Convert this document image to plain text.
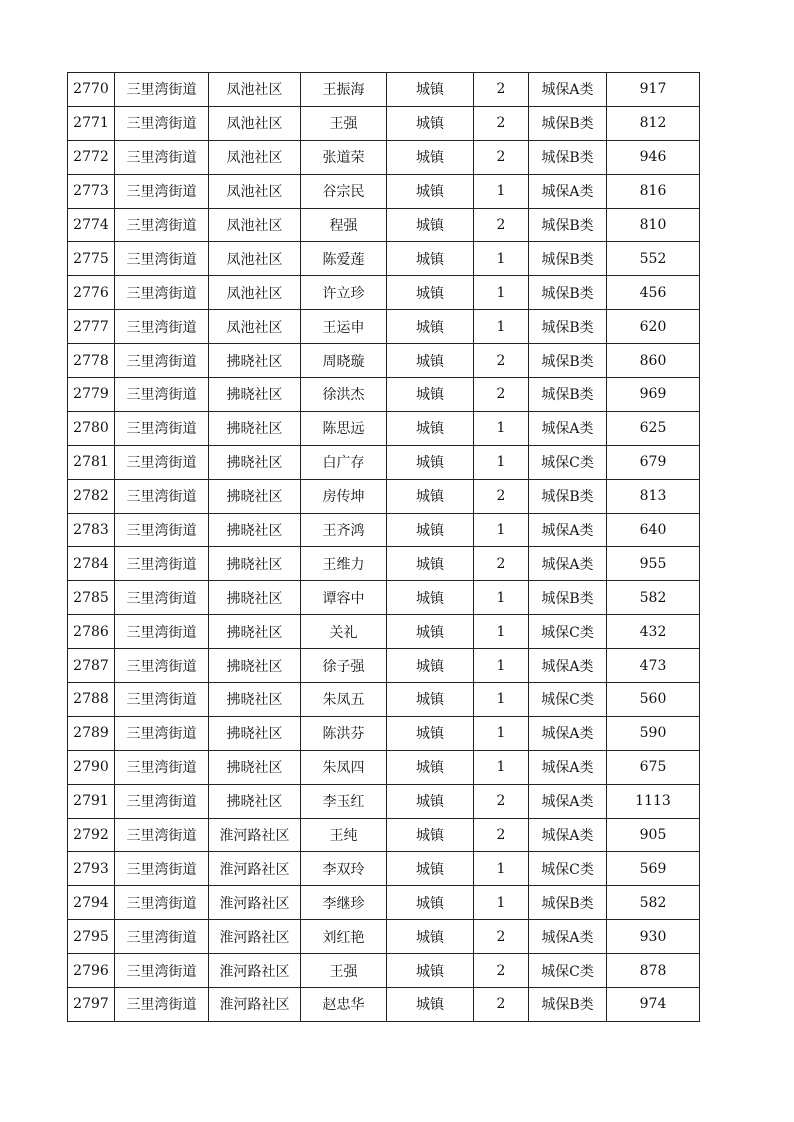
2770	三里湾街道	凤池社区	王振海	城镇	2	城保A类	917
2771	三里湾街道	凤池社区	王强	城镇	2	城保B类	812
2772	三里湾街道	凤池社区	张道荣	城镇	2	城保B类	946
2773	三里湾街道	凤池社区	谷宗民	城镇	1	城保A类	816
2774	三里湾街道	凤池社区	程强	城镇	2	城保B类	810
2775	三里湾街道	凤池社区	陈爱莲	城镇	1	城保B类	552
2776	三里湾街道	凤池社区	许立珍	城镇	1	城保B类	456
2777	三里湾街道	凤池社区	王运申	城镇	1	城保B类	620
2778	三里湾街道	拂晓社区	周晓璇	城镇	2	城保B类	860
2779	三里湾街道	拂晓社区	徐洪杰	城镇	2	城保B类	969
2780	三里湾街道	拂晓社区	陈思远	城镇	1	城保A类	625
2781	三里湾街道	拂晓社区	白广存	城镇	1	城保C类	679
2782	三里湾街道	拂晓社区	房传坤	城镇	2	城保B类	813
2783	三里湾街道	拂晓社区	王齐鸿	城镇	1	城保A类	640
2784	三里湾街道	拂晓社区	王维力	城镇	2	城保A类	955
2785	三里湾街道	拂晓社区	谭容中	城镇	1	城保B类	582
2786	三里湾街道	拂晓社区	关礼	城镇	1	城保C类	432
2787	三里湾街道	拂晓社区	徐子强	城镇	1	城保A类	473
2788	三里湾街道	拂晓社区	朱凤五	城镇	1	城保C类	560
2789	三里湾街道	拂晓社区	陈洪芬	城镇	1	城保A类	590
2790	三里湾街道	拂晓社区	朱凤四	城镇	1	城保A类	675
2791	三里湾街道	拂晓社区	李玉红	城镇	2	城保A类	1113
2792	三里湾街道	淮河路社区	王纯	城镇	2	城保A类	905
2793	三里湾街道	淮河路社区	李双玲	城镇	1	城保C类	569
2794	三里湾街道	淮河路社区	李继珍	城镇	1	城保B类	582
2795	三里湾街道	淮河路社区	刘红艳	城镇	2	城保A类	930
2796	三里湾街道	淮河路社区	王强	城镇	2	城保C类	878
2797	三里湾街道	淮河路社区	赵忠华	城镇	2	城保B类	974
